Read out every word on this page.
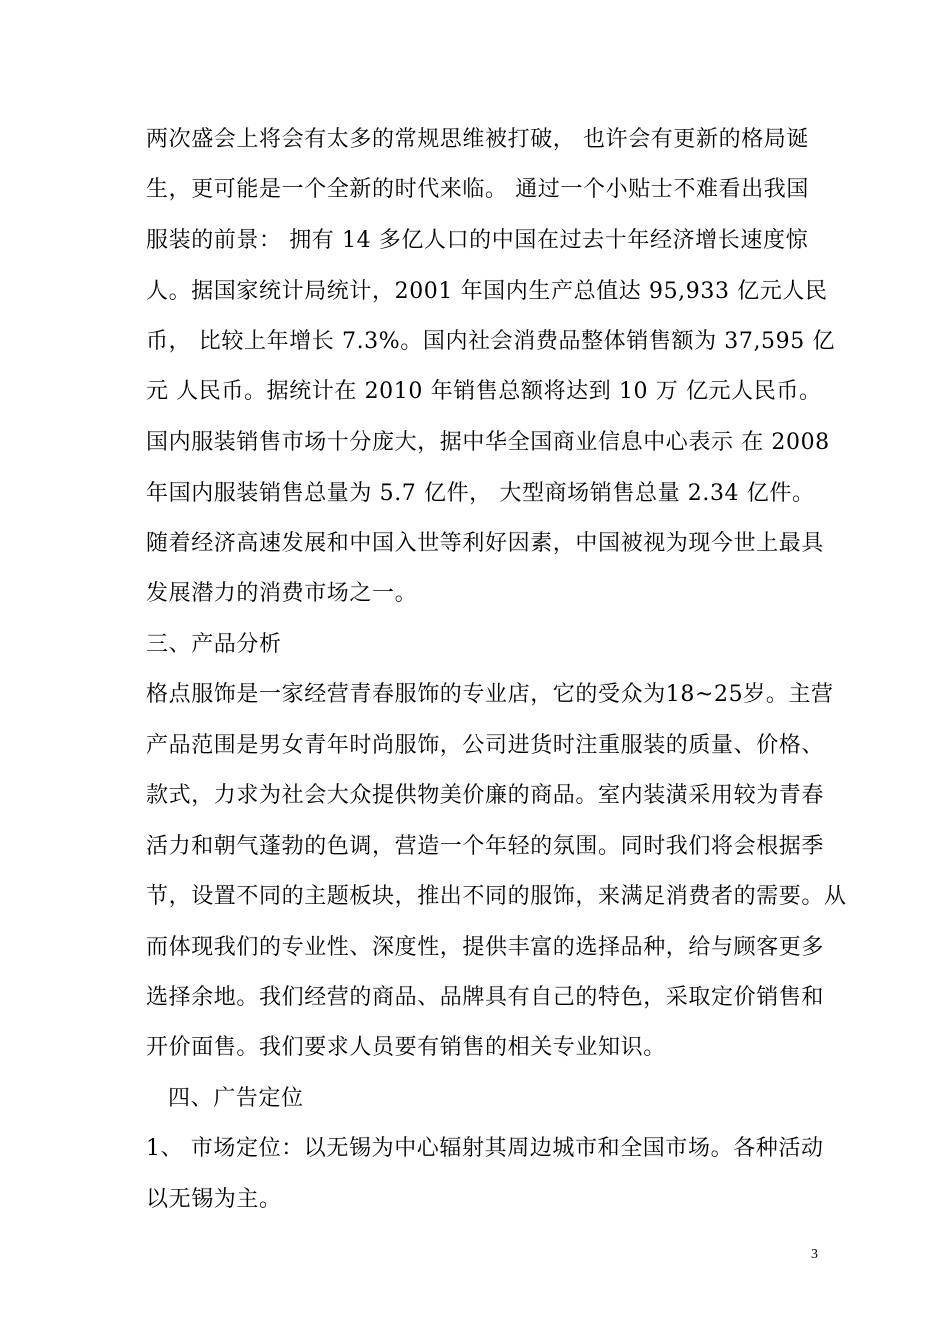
两次盛会上将会有太多的常规思维被打破， 也许会有更新的格局诞
生，更可能是一个全新的时代来临。 通过一个小贴士不难看出我国
服装的前景： 拥有 14 多亿人口的中国在过去十年经济增长速度惊
人。据国家统计局统计，2001 年国内生产总值达 95,933 亿元人民
币， 比较上年增长 7.3%。国内社会消费品整体销售额为 37,595 亿
元 人民币。据统计在 2010 年销售总额将达到 10 万 亿元人民币。
国内服装销售市场十分庞大，据中华全国商业信息中心表示 在 2008
年国内服装销售总量为 5.7 亿件， 大型商场销售总量 2.34 亿件。
随着经济高速发展和中国入世等利好因素，中国被视为现今世上最具
发展潜力的消费市场之一。
三、产品分析
格点服饰是一家经营青春服饰的专业店，它的受众为18~25岁。主营
产品范围是男女青年时尚服饰，公司进货时注重服装的质量、价格、
款式，力求为社会大众提供物美价廉的商品。室内装潢采用较为青春
活力和朝气蓬勃的色调，营造一个年轻的氛围。同时我们将会根据季
节，设置不同的主题板块，推出不同的服饰，来满足消费者的需要。从
而体现我们的专业性、深度性，提供丰富的选择品种，给与顾客更多
选择余地。我们经营的商品、品牌具有自己的特色，采取定价销售和
开价面售。我们要求人员要有销售的相关专业知识。
四、广告定位
1、 市场定位：以无锡为中心辐射其周边城市和全国市场。各种活动
以无锡为主。
3
